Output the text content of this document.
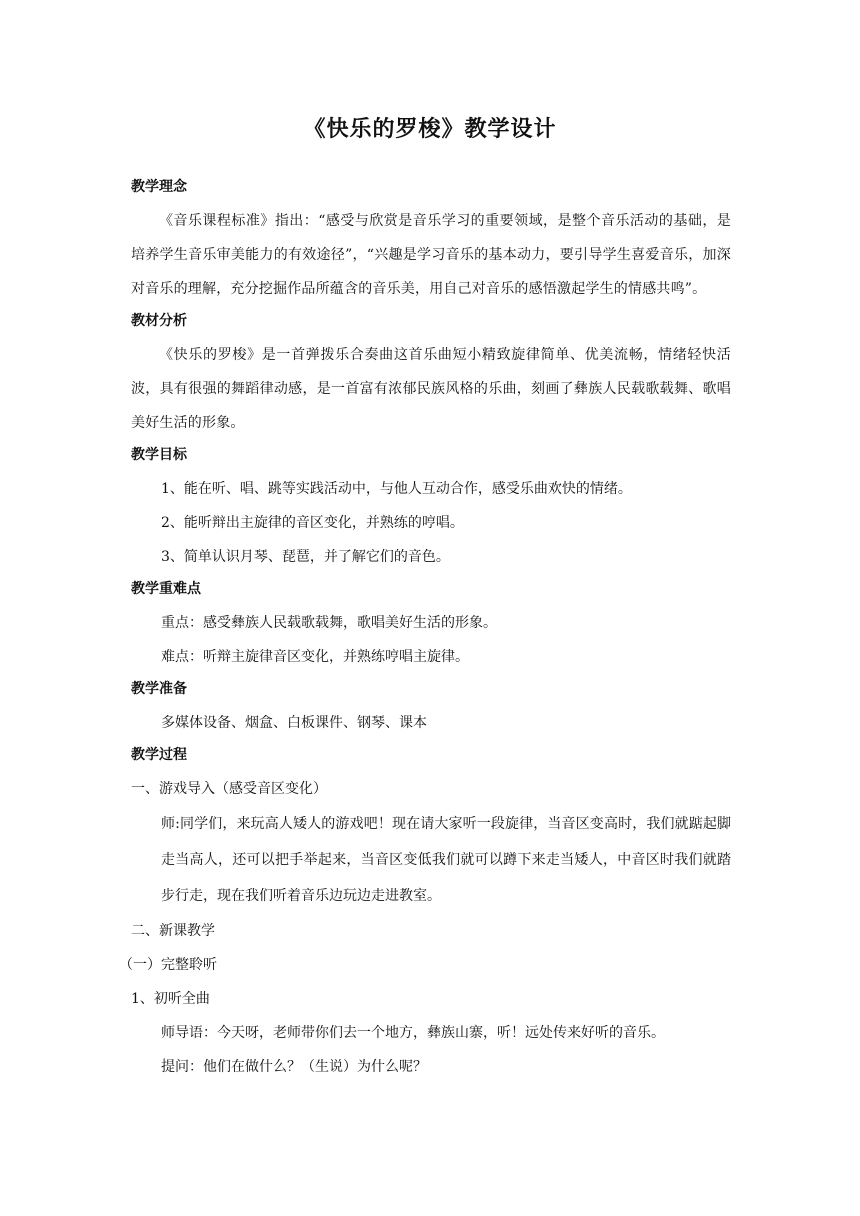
《快乐的罗梭》教学设计
教学理念
《音乐课程标准》指出：“感受与欣赏是音乐学习的重要领域，是整个音乐活动的基础，是培养学生音乐审美能力的有效途径”，“兴趣是学习音乐的基本动力，要引导学生喜爱音乐，加深对音乐的理解，充分挖掘作品所蕴含的音乐美，用自己对音乐的感悟激起学生的情感共鸣”。
教材分析
《快乐的罗梭》是一首弹拨乐合奏曲这首乐曲短小精致旋律简单、优美流畅，情绪轻快活波，具有很强的舞蹈律动感，是一首富有浓郁民族风格的乐曲，刻画了彝族人民载歌载舞、歌唱美好生活的形象。
教学目标
1、能在听、唱、跳等实践活动中，与他人互动合作，感受乐曲欢快的情绪。
2、能听辩出主旋律的音区变化，并熟练的哼唱。
3、简单认识月琴、琵琶，并了解它们的音色。
教学重难点
重点：感受彝族人民载歌载舞，歌唱美好生活的形象。
难点：听辩主旋律音区变化，并熟练哼唱主旋律。
教学准备
多媒体设备、烟盒、白板课件、钢琴、课本
教学过程
一、游戏导入（感受音区变化）
师:同学们，来玩高人矮人的游戏吧！现在请大家听一段旋律，当音区变高时，我们就踮起脚走当高人，还可以把手举起来，当音区变低我们就可以蹲下来走当矮人，中音区时我们就踏步行走，现在我们听着音乐边玩边走进教室。
二、新课教学
（一）完整聆听
1、初听全曲
师导语：今天呀，老师带你们去一个地方，彝族山寨，听！远处传来好听的音乐。
提问：他们在做什么？（生说）为什么呢？
